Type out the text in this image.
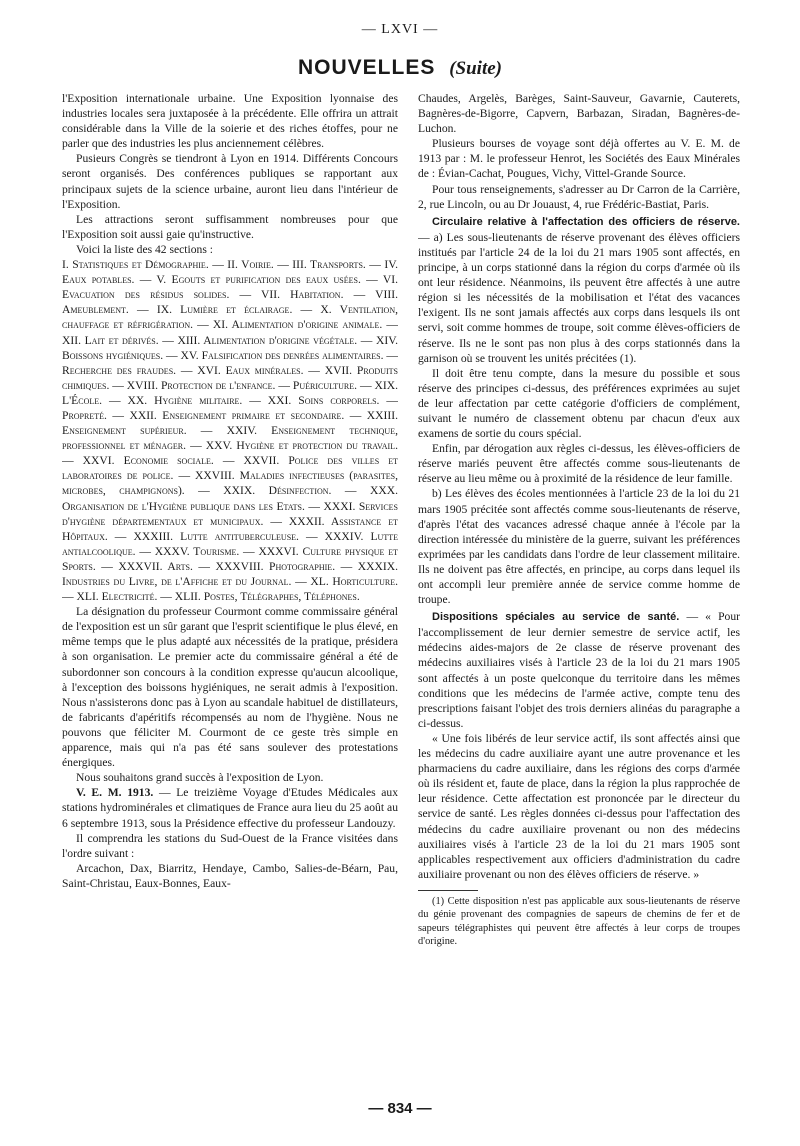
— LXVI —
NOUVELLES (Suite)

l'Exposition internationale urbaine. Une Exposition lyonnaise des industries locales sera juxtaposée à la précédente. Elle offrira un attrait considérable dans la Ville de la soierie et des riches étoffes, pour ne parler que des industries les plus anciennement célèbres.

Pusieurs Congrès se tiendront à Lyon en 1914. Différents Concours seront organisés. Des conférences publiques se rapportant aux principaux sujets de la science urbaine, auront lieu dans l'intérieur de l'Exposition.

Les attractions seront suffisamment nombreuses pour que l'Exposition soit aussi gaie qu'instructive.

Voici la liste des 42 sections :

I. Statistiques et Démographie. — II. Voirie. — III. Transports. — IV. Eaux potables. — V. Egouts et purification des eaux usées. — VI. Evacuation des résidus solides. — VII. Habitation. — VIII. Ameublement. — IX. Lumière et éclairage. — X. Ventilation, chauffage et réfrigération. — XI. Alimentation d'origine animale. — XII. Lait et dérivés. — XIII. Alimentation d'origine végétale. — XIV. Boissons hygiéniques. — XV. Falsification des denrées alimentaires. — Recherche des fraudes. — XVI. Eaux minérales. — XVII. Produits chimiques. — XVIII. Protection de l'enfance. — Puériculture. — XIX. L'École. — XX. Hygiène militaire. — XXI. Soins corporels. — Propreté. — XXII. Enseignement primaire et secondaire. — XXIII. Enseignement supérieur. — XXIV. Enseignement technique, professionnel et ménager. — XXV. Hygiène et protection du travail. — XXVI. Economie sociale. — XXVII. Police des villes et laboratoires de police. — XXVIII. Maladies infectieuses (parasites, microbes, champignons). — XXIX. Désinfection. — XXX. Organisation de l'Hygiène publique dans les Etats. — XXXI. Services d'hygiène départementaux et municipaux. — XXXII. Assistance et Hôpitaux. — XXXIII. Lutte antituberculeuse. — XXXIV. Lutte antialcoolique. — XXXV. Tourisme. — XXXVI. Culture physique et Sports. — XXXVII. Arts. — XXXVIII. Photographie. — XXXIX. Industries du Livre, de l'Affiche et du Journal. — XL. Horticulture. — XLI. Electricité. — XLII. Postes, Télégraphes, Téléphones.

La désignation du professeur Courmont comme commissaire général de l'exposition est un sûr garant que l'esprit scientifique le plus élevé, en même temps que le plus adapté aux nécessités de la pratique, présidera à son organisation. Le premier acte du commissaire général a été de subordonner son concours à la condition expresse qu'aucun alcoolique, à l'exception des boissons hygiéniques, ne serait admis à l'exposition. Nous n'assisterons donc pas à Lyon au scandale habituel de distillateurs, de fabricants d'apéritifs récompensés au nom de l'hygiène. Nous ne pouvons que féliciter M. Courmont de ce geste très simple en apparence, mais qui n'a pas été sans soulever des protestations énergiques.

Nous souhaitons grand succès à l'exposition de Lyon.

V. E. M. 1913. — Le treizième Voyage d'Etudes Médicales aux stations hydrominérales et climatiques de France aura lieu du 25 août au 6 septembre 1913, sous la Présidence effective du professeur Landouzy.

Il comprendra les stations du Sud-Ouest de la France visitées dans l'ordre suivant :

Arcachon, Dax, Biarritz, Hendaye, Cambo, Salies-de-Béarn, Pau, Saint-Christau, Eaux-Bonnes, Eaux-

Chaudes, Argelès, Barèges, Saint-Sauveur, Gavarnie, Cauterets, Bagnères-de-Bigorre, Capvern, Barbazan, Siradan, Bagnères-de-Luchon.

Plusieurs bourses de voyage sont déjà offertes au V. E. M. de 1913 par : M. le professeur Henrot, les Sociétés des Eaux Minérales de : Évian-Cachat, Pougues, Vichy, Vittel-Grande Source.

Pour tous renseignements, s'adresser au Dr Carron de la Carrière, 2, rue Lincoln, ou au Dr Jouaust, 4, rue Frédéric-Bastiat, Paris.

Circulaire relative à l'affectation des officiers de réserve. — a) Les sous-lieutenants de réserve provenant des élèves officiers institués par l'article 24 de la loi du 21 mars 1905 sont affectés, en principe, à un corps stationné dans la région du corps d'armée où ils ont leur résidence. Néanmoins, ils peuvent être affectés à une autre région si les nécessités de la mobilisation et l'état des vacances l'exigent. Ils ne sont jamais affectés aux corps dans lesquels ils ont servi, soit comme hommes de troupe, soit comme élèves-officiers de réserve. Ils ne le sont pas non plus à des corps stationnés dans la garnison où se trouvent les unités précitées (1).

Il doit être tenu compte, dans la mesure du possible et sous réserve des principes ci-dessus, des préférences exprimées au sujet de leur affectation par cette catégorie d'officiers de complément, suivant le numéro de classement obtenu par chacun d'eux aux examens de sortie du cours spécial.

Enfin, par dérogation aux règles ci-dessus, les élèves-officiers de réserve mariés peuvent être affectés comme sous-lieutenants de réserve au lieu même ou à proximité de la résidence de leur famille.

b) Les élèves des écoles mentionnées à l'article 23 de la loi du 21 mars 1905 précitée sont affectés comme sous-lieutenants de réserve, d'après l'état des vacances adressé chaque année à l'école par la direction intéressée du ministère de la guerre, suivant les préférences exprimées par les candidats dans l'ordre de leur classement militaire. Ils ne doivent pas être affectés, en principe, au corps dans lequel ils ont accompli leur première année de service comme homme de troupe.

Dispositions spéciales au service de santé. — « Pour l'accomplissement de leur dernier semestre de service actif, les médecins aides-majors de 2e classe de réserve provenant des médecins auxiliaires visés à l'article 23 de la loi du 21 mars 1905 sont affectés à un poste quelconque du territoire dans les mêmes conditions que les médecins de l'armée active, compte tenu des prescriptions faisant l'objet des trois derniers alinéas du paragraphe a ci-dessus.

« Une fois libérés de leur service actif, ils sont affectés ainsi que les médecins du cadre auxiliaire ayant une autre provenance et les pharmaciens du cadre auxiliaire, dans les régions des corps d'armée où ils résident et, faute de place, dans la région la plus rapprochée de leur résidence. Cette affectation est prononcée par le directeur du service de santé. Les règles données ci-dessus pour l'affectation des médecins du cadre auxiliaire provenant ou non des médecins auxiliaires visés à l'article 23 de la loi du 21 mars 1905 sont applicables respectivement aux officiers d'administration du cadre auxiliaire provenant ou non des élèves officiers de réserve. »

(1) Cette disposition n'est pas applicable aux sous-lieutenants de réserve du génie provenant des compagnies de sapeurs de chemins de fer et de sapeurs télégraphistes qui peuvent être affectés à leur corps de troupes d'origine.

— 834 —
